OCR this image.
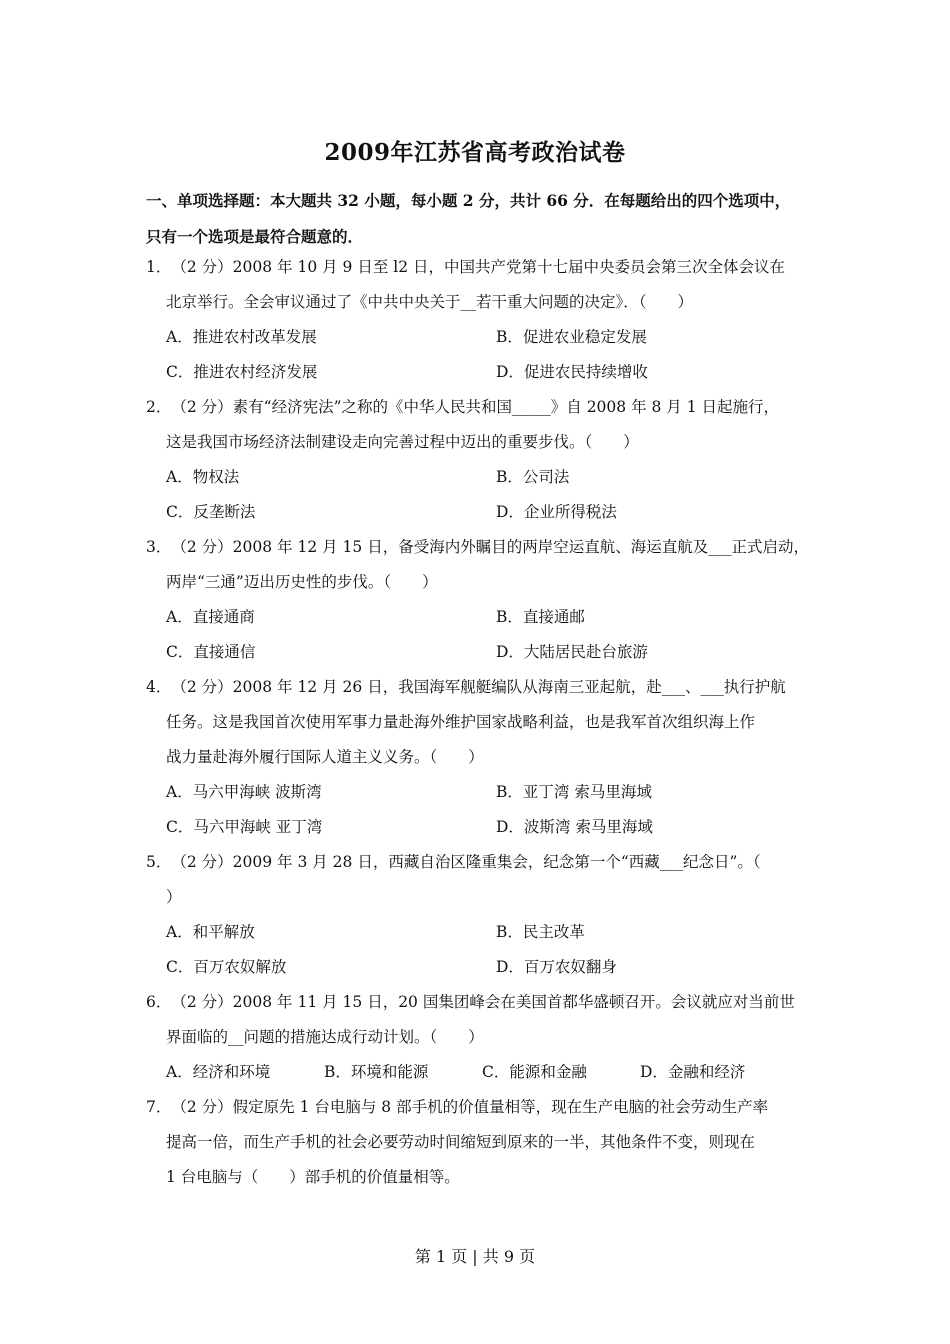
2009年江苏省高考政治试卷
一、单项选择题：本大题共 32 小题，每小题 2 分，共计 66 分．在每题给出的四个选项中，
只有一个选项是最符合题意的．
1．（2 分）2008 年 10 月 9 日至 l2 日，中国共产党第十七届中央委员会第三次全体会议在
北京举行。全会审议通过了《中共中央关于__若干重大问题的决定》．（　　）
A．推进农村改革发展	B．促进农业稳定发展
C．推进农村经济发展	D．促进农民持续增收
2．（2 分）素有“经济宪法”之称的《中华人民共和国_____》自 2008 年 8 月 1 日起施行，
这是我国市场经济法制建设走向完善过程中迈出的重要步伐。（　　）
A．物权法	B．公司法
C．反垄断法	D．企业所得税法
3．（2 分）2008 年 12 月 15 日，备受海内外瞩目的两岸空运直航、海运直航及___正式启动，
两岸“三通”迈出历史性的步伐。（　　）
A．直接通商	B．直接通邮
C．直接通信	D．大陆居民赴台旅游
4．（2 分）2008 年 12 月 26 日，我国海军舰艇编队从海南三亚起航，赴___、___执行护航
任务。这是我国首次使用军事力量赴海外维护国家战略利益，也是我军首次组织海上作
战力量赴海外履行国际人道主义义务。（　　）
A．马六甲海峡 波斯湾	B．亚丁湾 索马里海域
C．马六甲海峡 亚丁湾	D．波斯湾 索马里海域
5．（2 分）2009 年 3 月 28 日，西藏自治区隆重集会，纪念第一个“西藏___纪念日”。（
）
A．和平解放	B．民主改革
C．百万农奴解放	D．百万农奴翻身
6．（2 分）2008 年 11 月 15 日，20 国集团峰会在美国首都华盛顿召开。会议就应对当前世
界面临的__问题的措施达成行动计划。（　　）
A．经济和环境	B．环境和能源	C．能源和金融	D．金融和经济
7．（2 分）假定原先 1 台电脑与 8 部手机的价值量相等，现在生产电脑的社会劳动生产率
提高一倍，而生产手机的社会必要劳动时间缩短到原来的一半，其他条件不变，则现在
1 台电脑与（　　）部手机的价值量相等。
第 1 页 | 共 9 页
